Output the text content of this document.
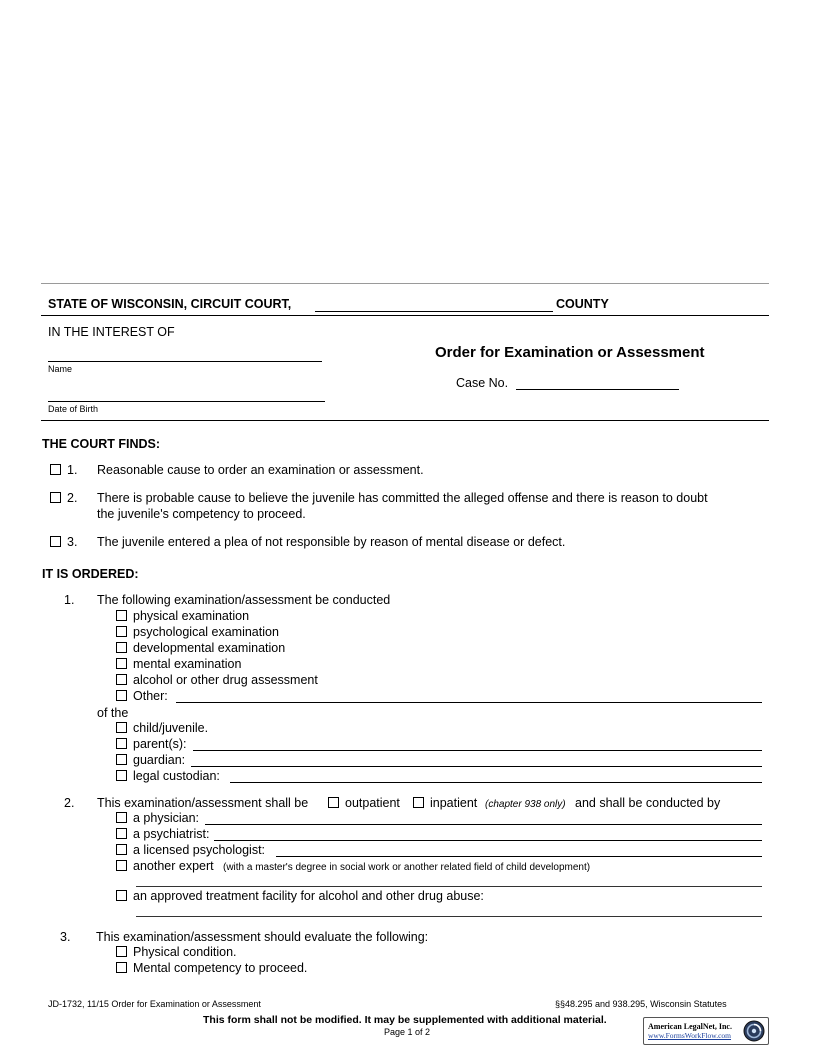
STATE OF WISCONSIN, CIRCUIT COURT,	COUNTY
IN THE INTEREST OF
Name
Date of Birth
Order for Examination or Assessment
Case No.
THE COURT FINDS:
1. Reasonable cause to order an examination or assessment.
2. There is probable cause to believe the juvenile has committed the alleged offense and there is reason to doubt
the juvenile's competency to proceed.
3. The juvenile entered a plea of not responsible by reason of mental disease or defect.
IT IS ORDERED:
1. The following examination/assessment be conducted
physical examination
psychological examination
developmental examination
mental examination
alcohol or other drug assessment
Other:
of the
child/juvenile.
parent(s):
guardian:
legal custodian:
2. This examination/assessment shall be	outpatient inpatient (chapter 938 only) and shall be conducted by
a physician:
a psychiatrist:
a licensed psychologist:
another expert (with a master's degree in social work or another related field of child development)
an approved treatment facility for alcohol and other drug abuse:
3. This examination/assessment should evaluate the following:
Physical condition.
Mental competency to proceed.
JD-1732, 11/15 Order for Examination or Assessment	§§48.295 and 938.295, Wisconsin Statutes
This form shall not be modified. It may be supplemented with additional material.
Page 1 of 2
American LegalNet, Inc.
www.FormsWorkFlow.com
